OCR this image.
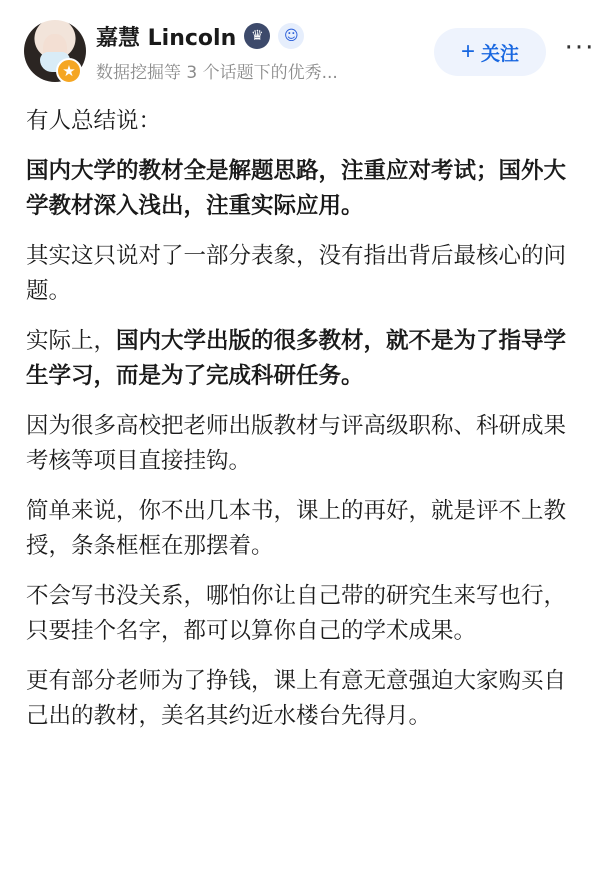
★
嘉慧 Lincoln	♛	☺
数据挖掘等 3 个话题下的优秀...
+ 关注 ···

有人总结说：

国内大学的教材全是解题思路，注重应对考试；国外大学教材深入浅出，注重实际应用。

其实这只说对了一部分表象，没有指出背后最核心的问题。

实际上，国内大学出版的很多教材，就不是为了指导学生学习，而是为了完成科研任务。

因为很多高校把老师出版教材与评高级职称、科研成果考核等项目直接挂钩。

简单来说，你不出几本书，课上的再好，就是评不上教授，条条框框在那摆着。

不会写书没关系，哪怕你让自己带的研究生来写也行，只要挂个名字，都可以算你自己的学术成果。

更有部分老师为了挣钱，课上有意无意强迫大家购买自己出的教材，美名其约近水楼台先得月。
